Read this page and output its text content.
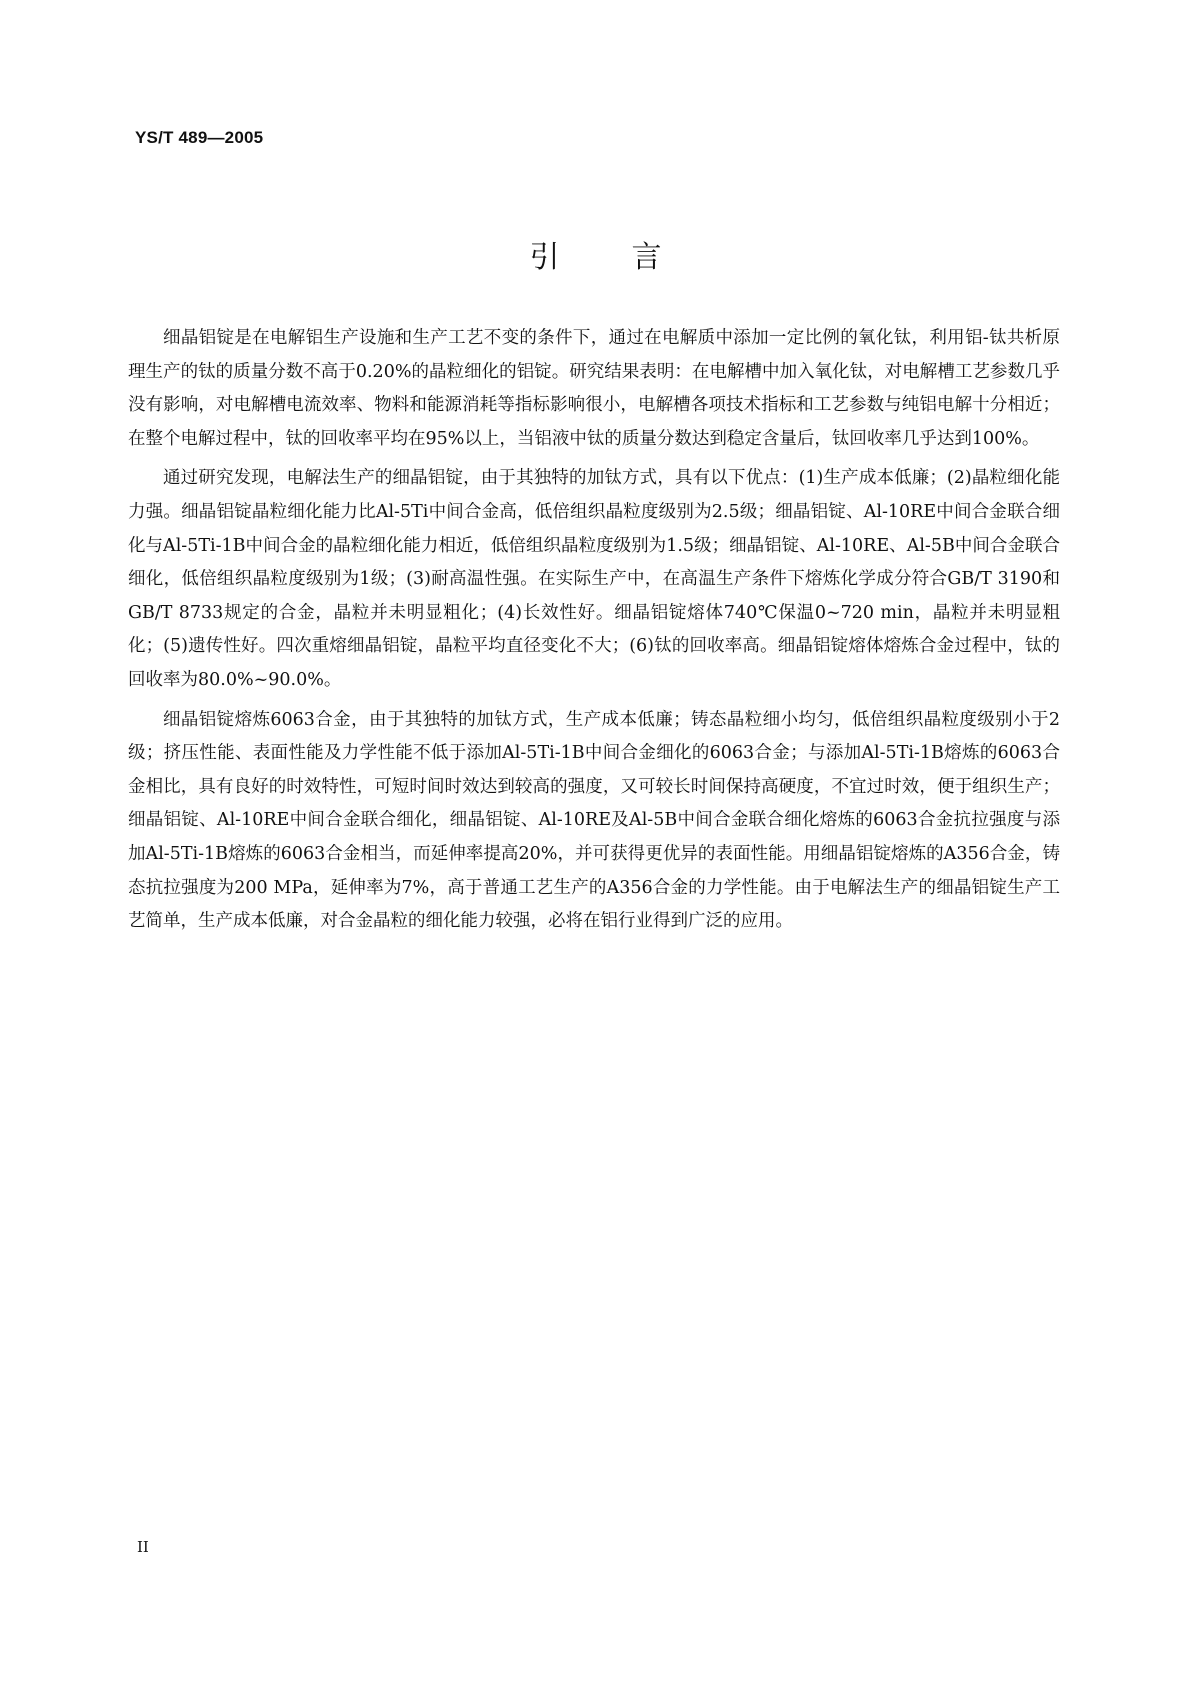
YS/T 489—2005
引言

细晶铝锭是在电解铝生产设施和生产工艺不变的条件下，通过在电解质中添加一定比例的氧化钛，利用铝-钛共析原理生产的钛的质量分数不高于0.20%的晶粒细化的铝锭。研究结果表明：在电解槽中加入氧化钛，对电解槽工艺参数几乎没有影响，对电解槽电流效率、物料和能源消耗等指标影响很小，电解槽各项技术指标和工艺参数与纯铝电解十分相近；在整个电解过程中，钛的回收率平均在95%以上，当铝液中钛的质量分数达到稳定含量后，钛回收率几乎达到100%。

通过研究发现，电解法生产的细晶铝锭，由于其独特的加钛方式，具有以下优点：(1)生产成本低廉；(2)晶粒细化能力强。细晶铝锭晶粒细化能力比Al-5Ti中间合金高，低倍组织晶粒度级别为2.5级；细晶铝锭、Al-10RE中间合金联合细化与Al-5Ti-1B中间合金的晶粒细化能力相近，低倍组织晶粒度级别为1.5级；细晶铝锭、Al-10RE、Al-5B中间合金联合细化，低倍组织晶粒度级别为1级；(3)耐高温性强。在实际生产中，在高温生产条件下熔炼化学成分符合GB/T 3190和GB/T 8733规定的合金，晶粒并未明显粗化；(4)长效性好。细晶铝锭熔体740℃保温0~720 min，晶粒并未明显粗化；(5)遗传性好。四次重熔细晶铝锭，晶粒平均直径变化不大；(6)钛的回收率高。细晶铝锭熔体熔炼合金过程中，钛的回收率为80.0%~90.0%。

细晶铝锭熔炼6063合金，由于其独特的加钛方式，生产成本低廉；铸态晶粒细小均匀，低倍组织晶粒度级别小于2级；挤压性能、表面性能及力学性能不低于添加Al-5Ti-1B中间合金细化的6063合金；与添加Al-5Ti-1B熔炼的6063合金相比，具有良好的时效特性，可短时间时效达到较高的强度，又可较长时间保持高硬度，不宜过时效，便于组织生产；细晶铝锭、Al-10RE中间合金联合细化，细晶铝锭、Al-10RE及Al-5B中间合金联合细化熔炼的6063合金抗拉强度与添加Al-5Ti-1B熔炼的6063合金相当，而延伸率提高20%，并可获得更优异的表面性能。用细晶铝锭熔炼的A356合金，铸态抗拉强度为200 MPa，延伸率为7%，高于普通工艺生产的A356合金的力学性能。由于电解法生产的细晶铝锭生产工艺简单，生产成本低廉，对合金晶粒的细化能力较强，必将在铝行业得到广泛的应用。

II
